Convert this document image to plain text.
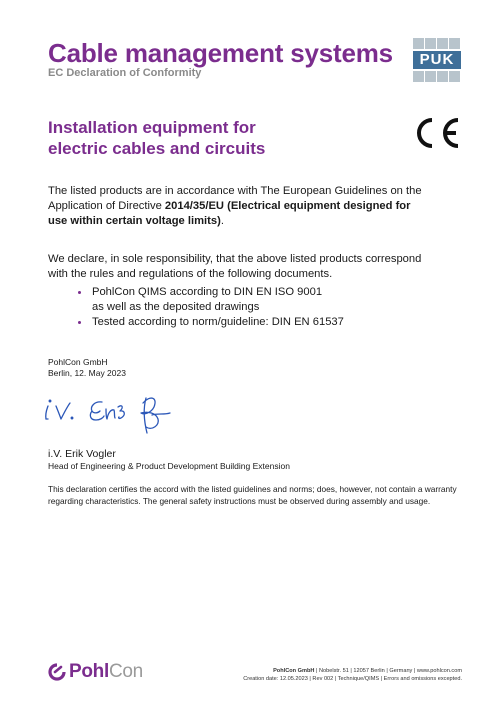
Cable management systems
EC Declaration of Conformity
PUK
Installation equipment for
electric cables and circuits
The listed products are in accordance with The European Guidelines on the Application of Directive 2014/35/EU (Electrical equipment designed for use within certain voltage limits).
We declare, in sole responsibility, that the above listed products correspond with the rules and regulations of the following documents.
PohlCon QIMS according to DIN EN ISO 9001
as well as the deposited drawings
Tested according to norm/guideline: DIN EN 61537
PohlCon GmbH
Berlin, 12. May 2023
i.V. Erik Vogler
Head of Engineering & Product Development Building Extension
This declaration certifies the accord with the listed guidelines and norms; does, however, not contain a warranty regarding characteristics. The general safety instructions must be observed during assembly and usage.
PohlCon	PohlCon GmbH | Nobelstr. 51 | 12057 Berlin | Germany | www.pohlcon.com
Creation date: 12.05.2023 | Rev 002 | Technique/QIMS | Errors and omissions excepted.
